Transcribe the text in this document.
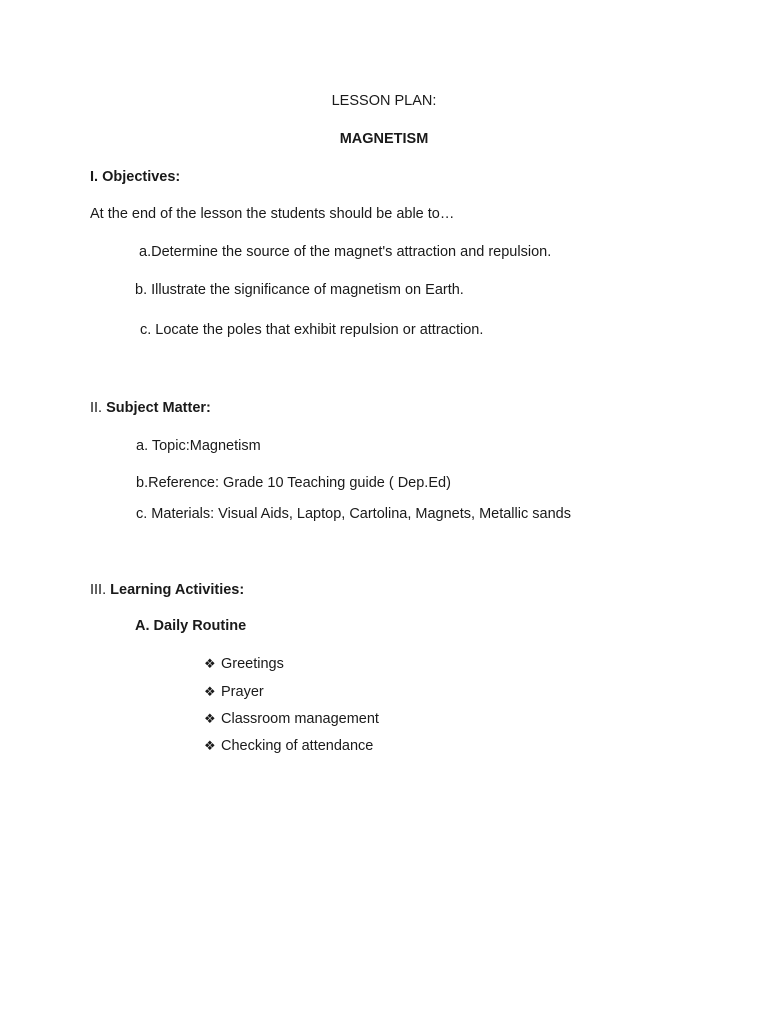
LESSON PLAN:
MAGNETISM
I. Objectives:
At the end of the lesson the students should be able to…
a.Determine the source of the magnet's attraction and repulsion.
b. Illustrate the significance of magnetism on Earth.
c. Locate the poles that exhibit repulsion or attraction.
II. Subject Matter:
a. Topic:Magnetism
b.Reference: Grade 10 Teaching guide ( Dep.Ed)
c. Materials: Visual Aids, Laptop, Cartolina, Magnets, Metallic sands
III. Learning Activities:
A. Daily Routine
❖ Greetings
❖ Prayer
❖ Classroom management
❖ Checking of attendance
